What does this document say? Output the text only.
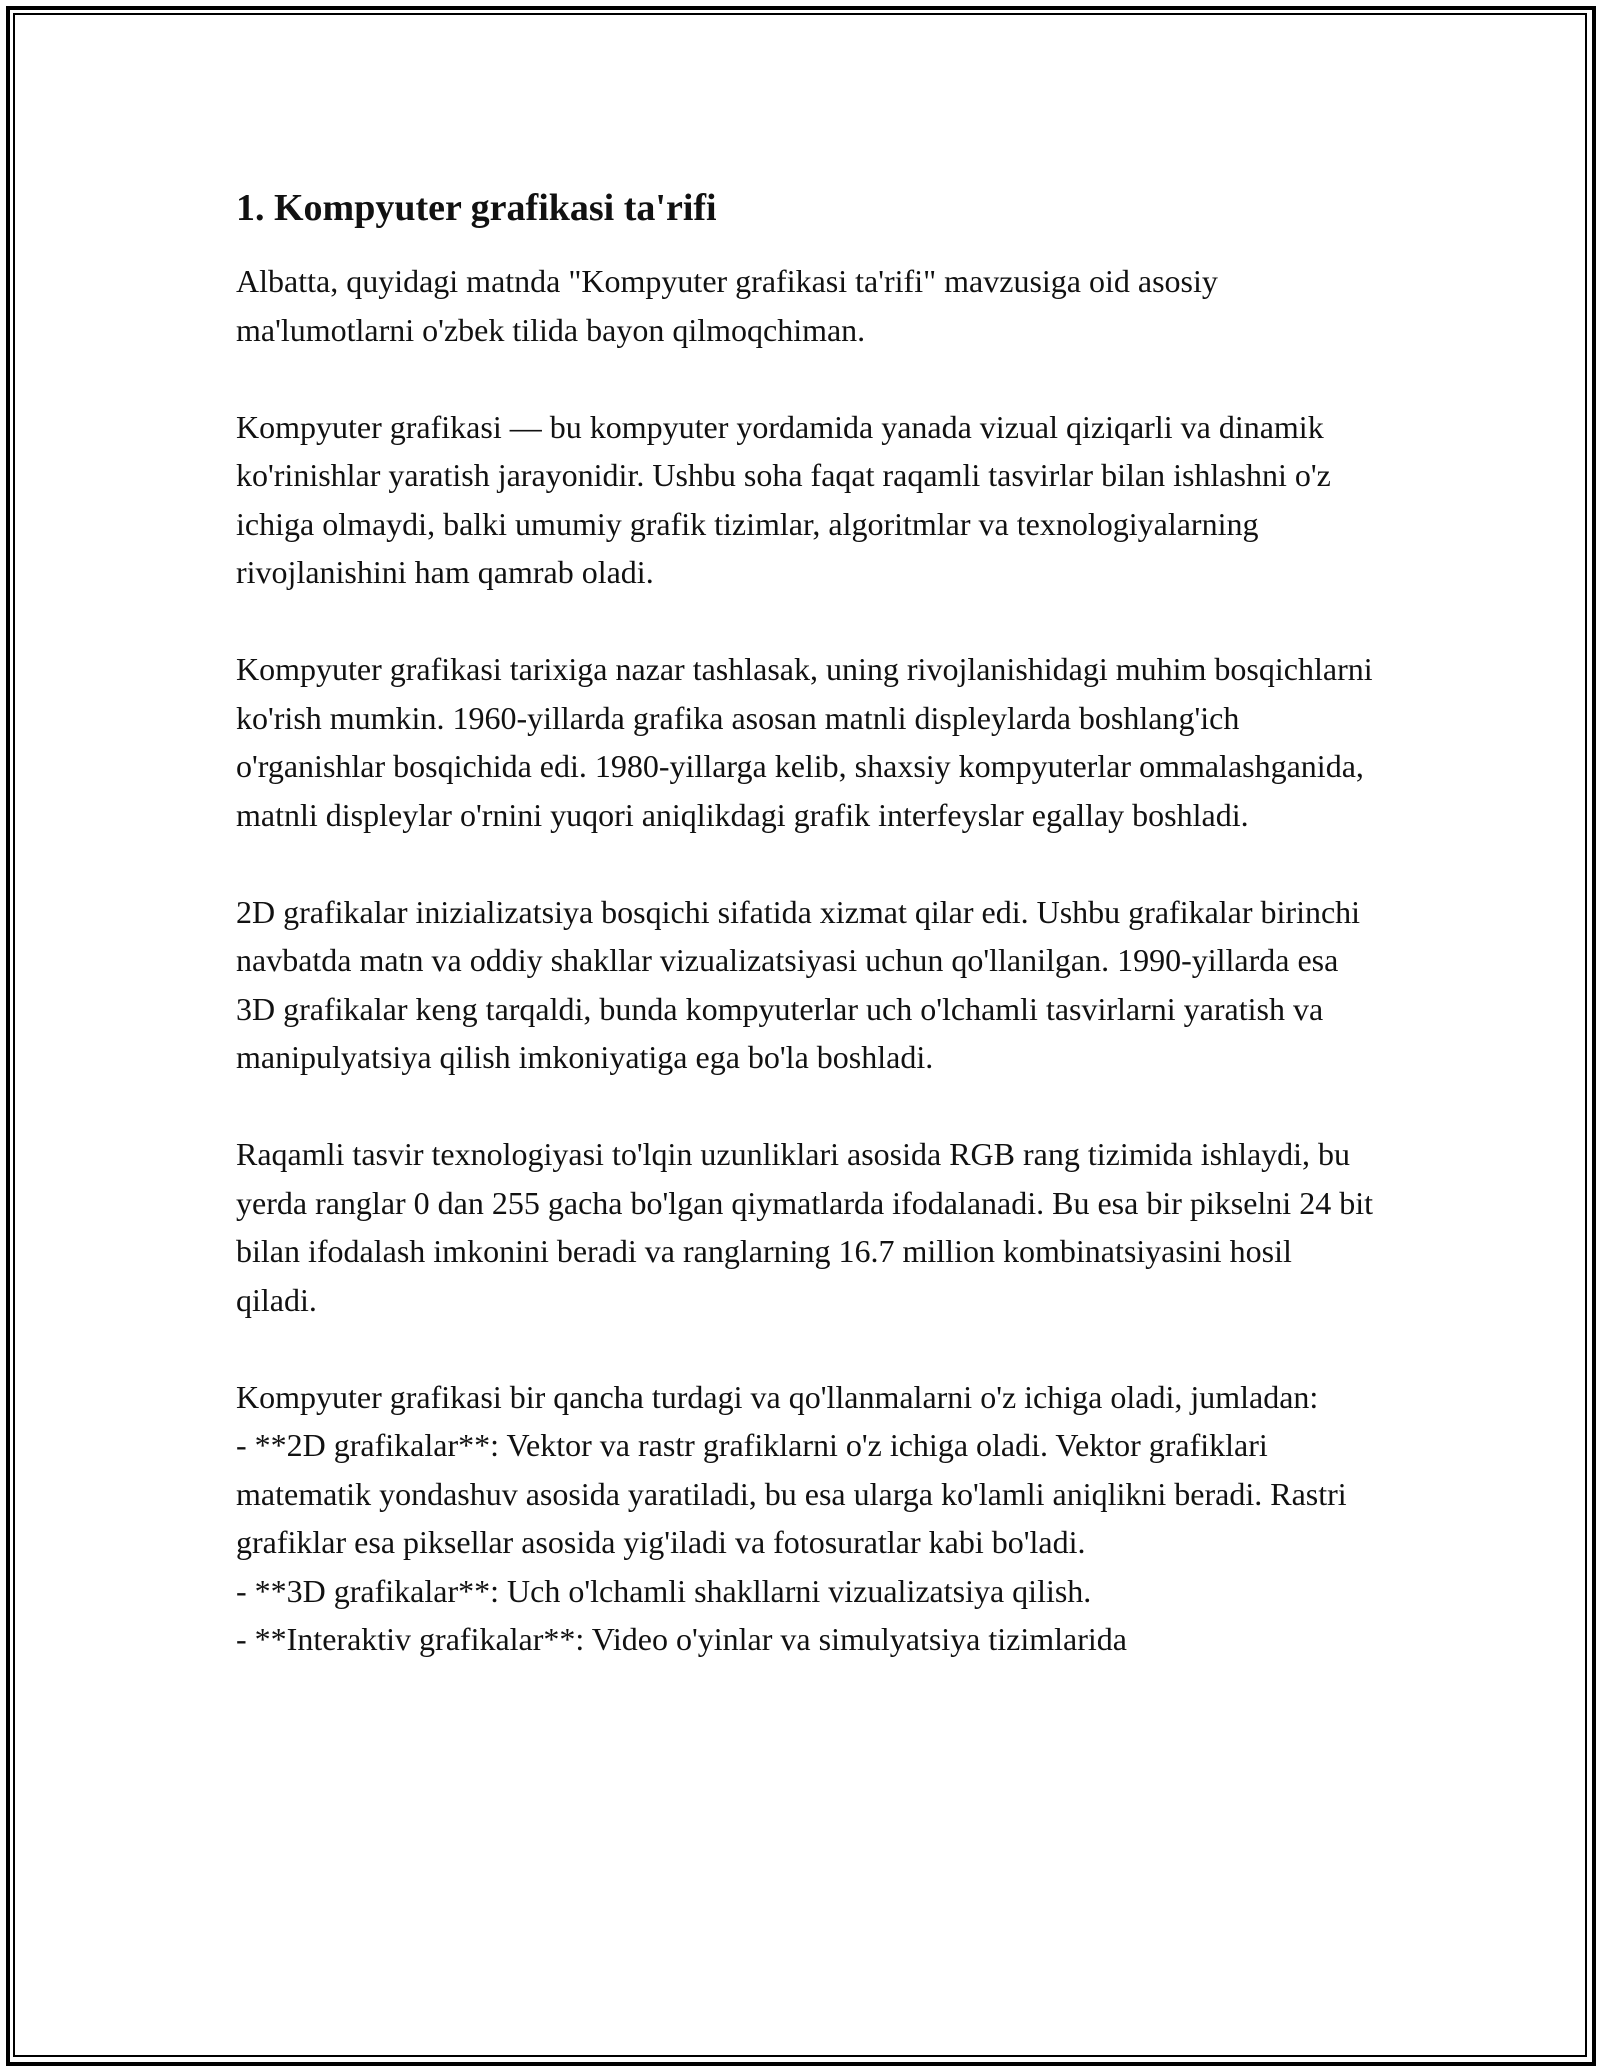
1. Kompyuter grafikasi ta'rifi

Albatta, quyidagi matnda "Kompyuter grafikasi ta'rifi" mavzusiga oid asosiy ma'lumotlarni o'zbek tilida bayon qilmoqchiman.

Kompyuter grafikasi — bu kompyuter yordamida yanada vizual qiziqarli va dinamik ko'rinishlar yaratish jarayonidir. Ushbu soha faqat raqamli tasvirlar bilan ishlashni o'z ichiga olmaydi, balki umumiy grafik tizimlar, algoritmlar va texnologiyalarning rivojlanishini ham qamrab oladi.

Kompyuter grafikasi tarixiga nazar tashlasak, uning rivojlanishidagi muhim bosqichlarni ko'rish mumkin. 1960-yillarda grafika asosan matnli displeylarda boshlang'ich o'rganishlar bosqichida edi. 1980-yillarga kelib, shaxsiy kompyuterlar ommalashganida, matnli displeylar o'rnini yuqori aniqlikdagi grafik interfeyslar egallay boshladi.

2D grafikalar inizializatsiya bosqichi sifatida xizmat qilar edi. Ushbu grafikalar birinchi navbatda matn va oddiy shakllar vizualizatsiyasi uchun qo'llanilgan. 1990-yillarda esa 3D grafikalar keng tarqaldi, bunda kompyuterlar uch o'lchamli tasvirlarni yaratish va manipulyatsiya qilish imkoniyatiga ega bo'la boshladi.

Raqamli tasvir texnologiyasi to'lqin uzunliklari asosida RGB rang tizimida ishlaydi, bu yerda ranglar 0 dan 255 gacha bo'lgan qiymatlarda ifodalanadi. Bu esa bir pikselni 24 bit bilan ifodalash imkonini beradi va ranglarning 16.7 million kombinatsiyasini hosil qiladi.

Kompyuter grafikasi bir qancha turdagi va qo'llanmalarni o'z ichiga oladi, jumladan:

- **2D grafikalar**: Vektor va rastr grafiklarni o'z ichiga oladi. Vektor grafiklari matematik yondashuv asosida yaratiladi, bu esa ularga ko'lamli aniqlikni beradi. Rastri grafiklar esa piksellar asosida yig'iladi va fotosuratlar kabi bo'ladi.
- **3D grafikalar**: Uch o'lchamli shakllarni vizualizatsiya qilish.
- **Interaktiv grafikalar**: Video o'yinlar va simulyatsiya tizimlarida
